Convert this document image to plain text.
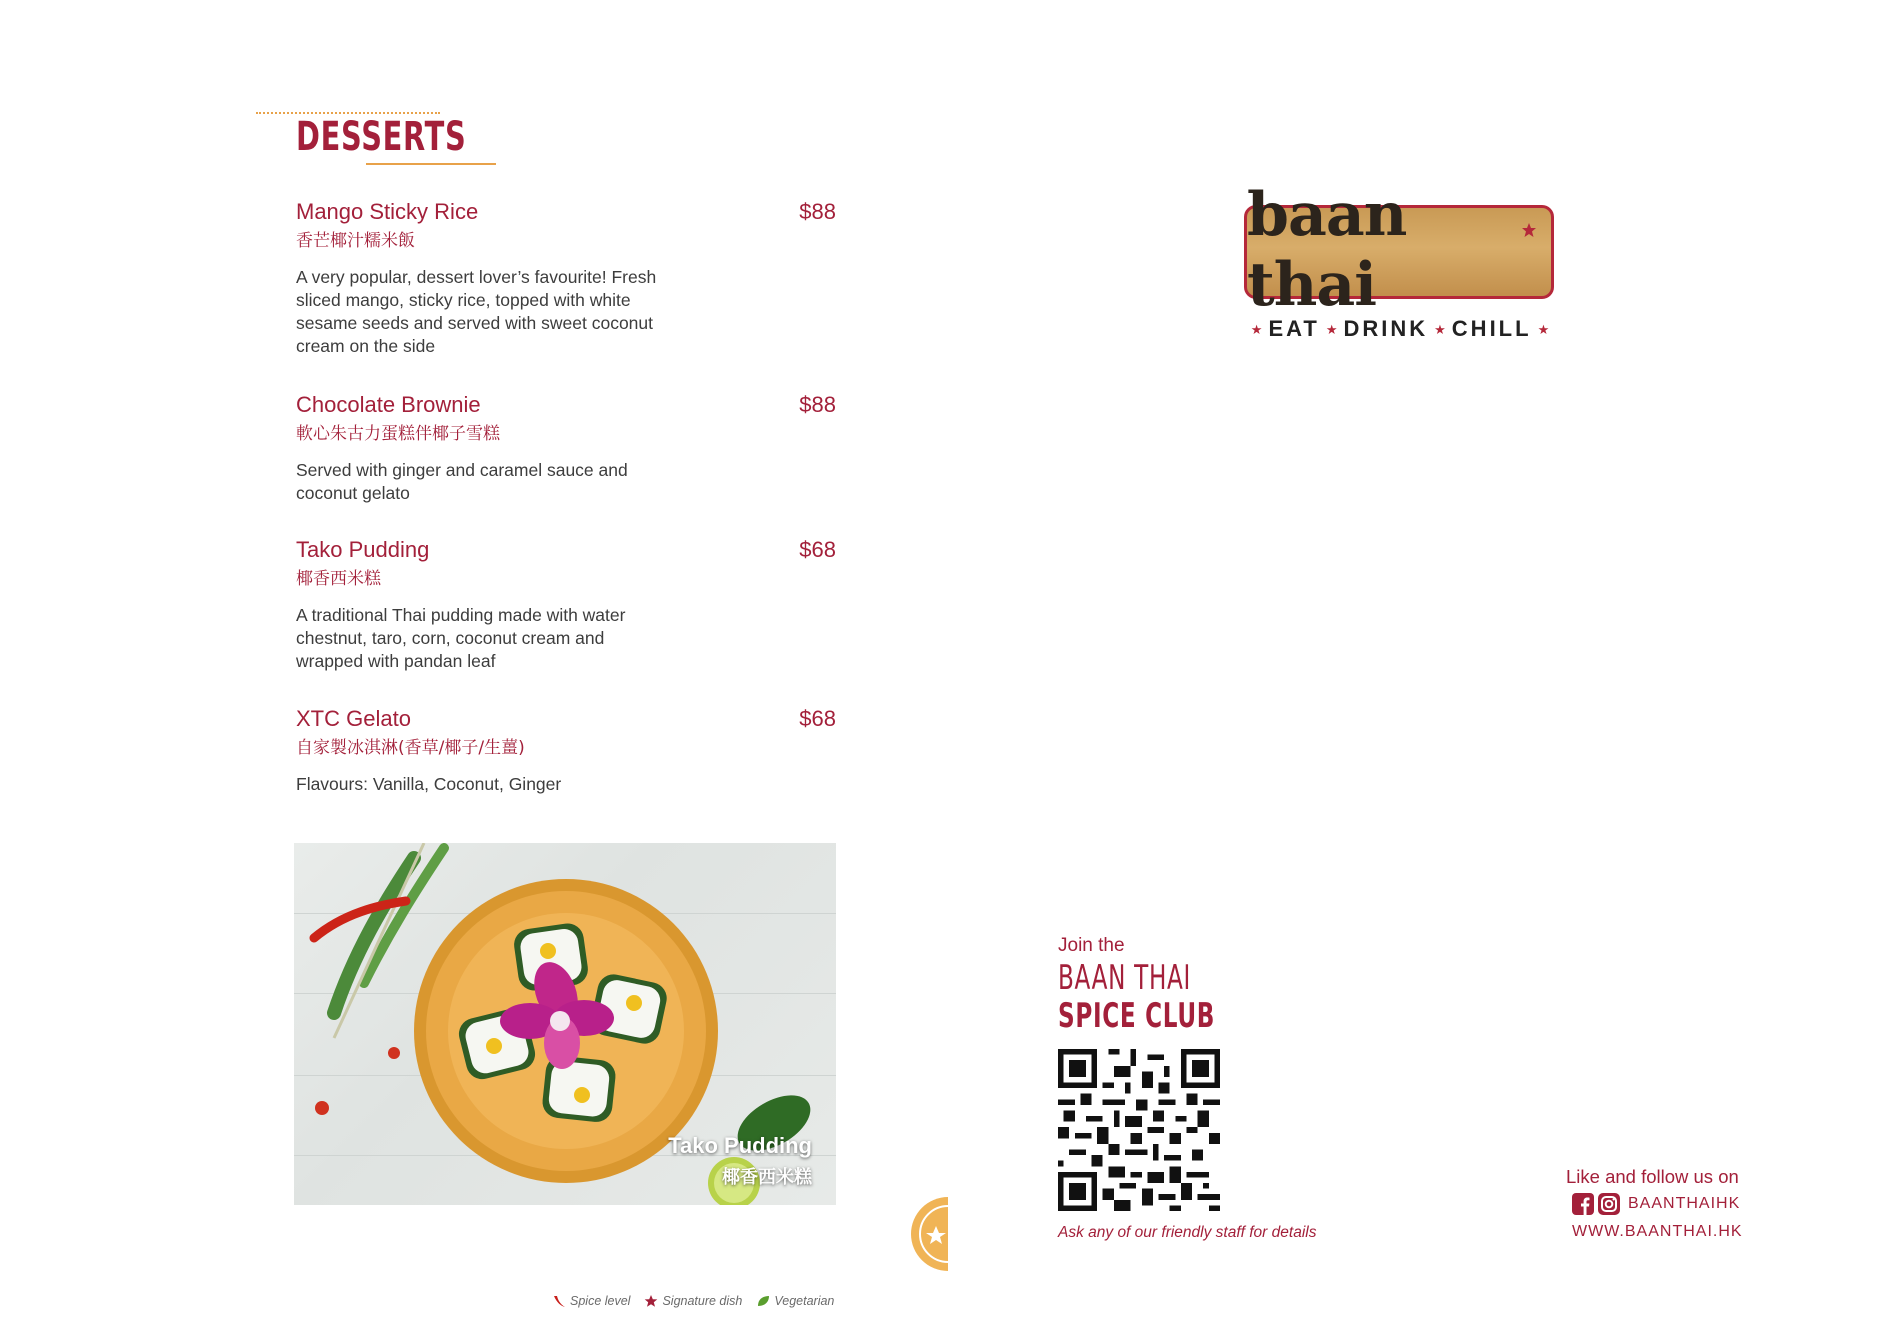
DESSERTS
Mango Sticky Rice	$88
香芒椰汁糯米飯
A very popular, dessert lover’s favourite! Fresh sliced mango, sticky rice, topped with white sesame seeds and served with sweet coconut cream on the side
Chocolate Brownie	$88
軟心朱古力蛋糕伴椰子雪糕
Served with ginger and caramel sauce and coconut gelato
Tako Pudding	$68
椰香西米糕
A traditional Thai pudding made with water chestnut, taro, corn, coconut cream and wrapped with pandan leaf
XTC Gelato	$68
自家製冰淇淋(香草/椰子/生薑)
Flavours: Vanilla, Coconut, Ginger
Tako Pudding
椰香西米糕
Spice level	Signature dish	Vegetarian
baan thai
★ EAT ★ DRINK ★ CHILL ★
Join the
BAAN THAI
SPICE CLUB
Ask any of our friendly staff for details
Like and follow us on
BAANTHAIHK
WWW.BAANTHAI.HK
